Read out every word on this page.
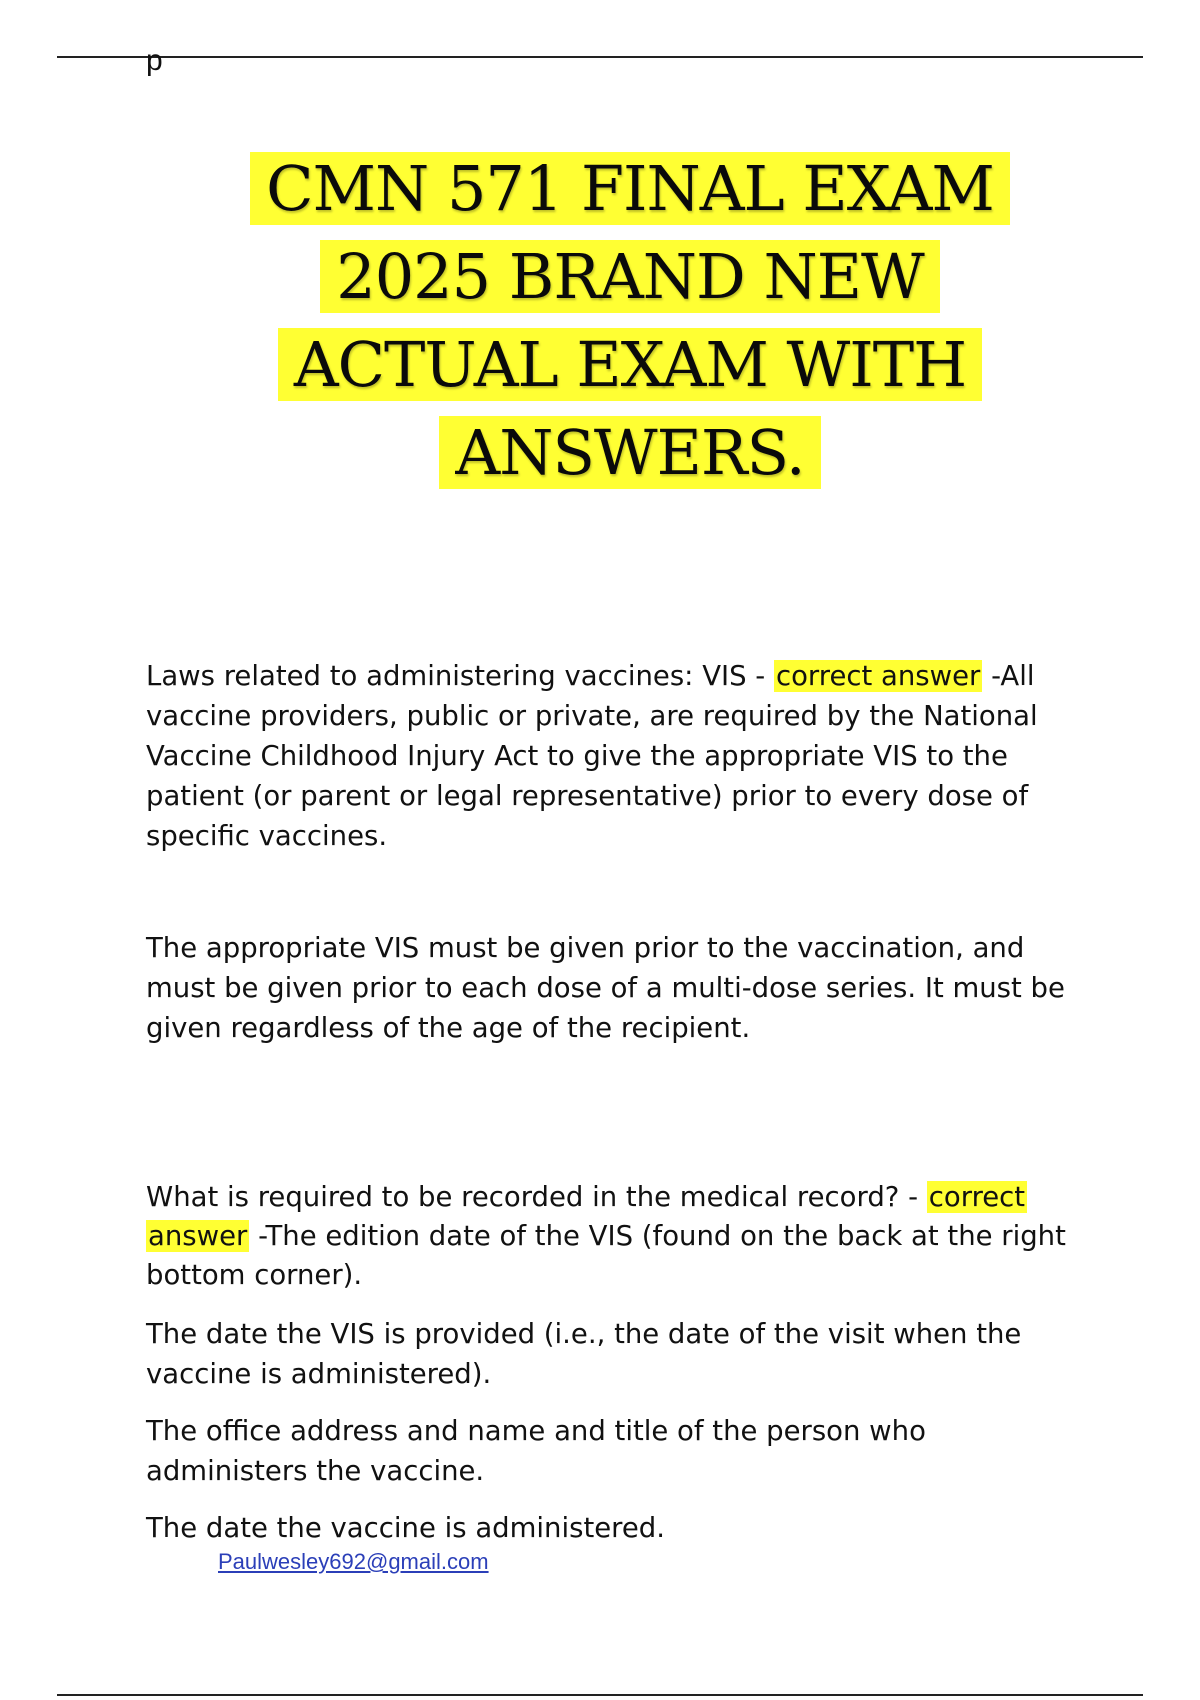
p
CMN 571 FINAL EXAM
2025 BRAND NEW
ACTUAL EXAM WITH
ANSWERS.
Laws related to administering vaccines: VIS - correct answer -All vaccine providers, public or private, are required by the National Vaccine Childhood Injury Act to give the appropriate VIS to the patient (or parent or legal representative) prior to every dose of specific vaccines.
The appropriate VIS must be given prior to the vaccination, and must be given prior to each dose of a multi-dose series. It must be given regardless of the age of the recipient.
What is required to be recorded in the medical record? - correct
answer -The edition date of the VIS (found on the back at the right bottom corner).
The date the VIS is provided (i.e., the date of the visit when the vaccine is administered).
The office address and name and title of the person who administers the vaccine.
The date the vaccine is administered.
Paulwesley692@gmail.com
